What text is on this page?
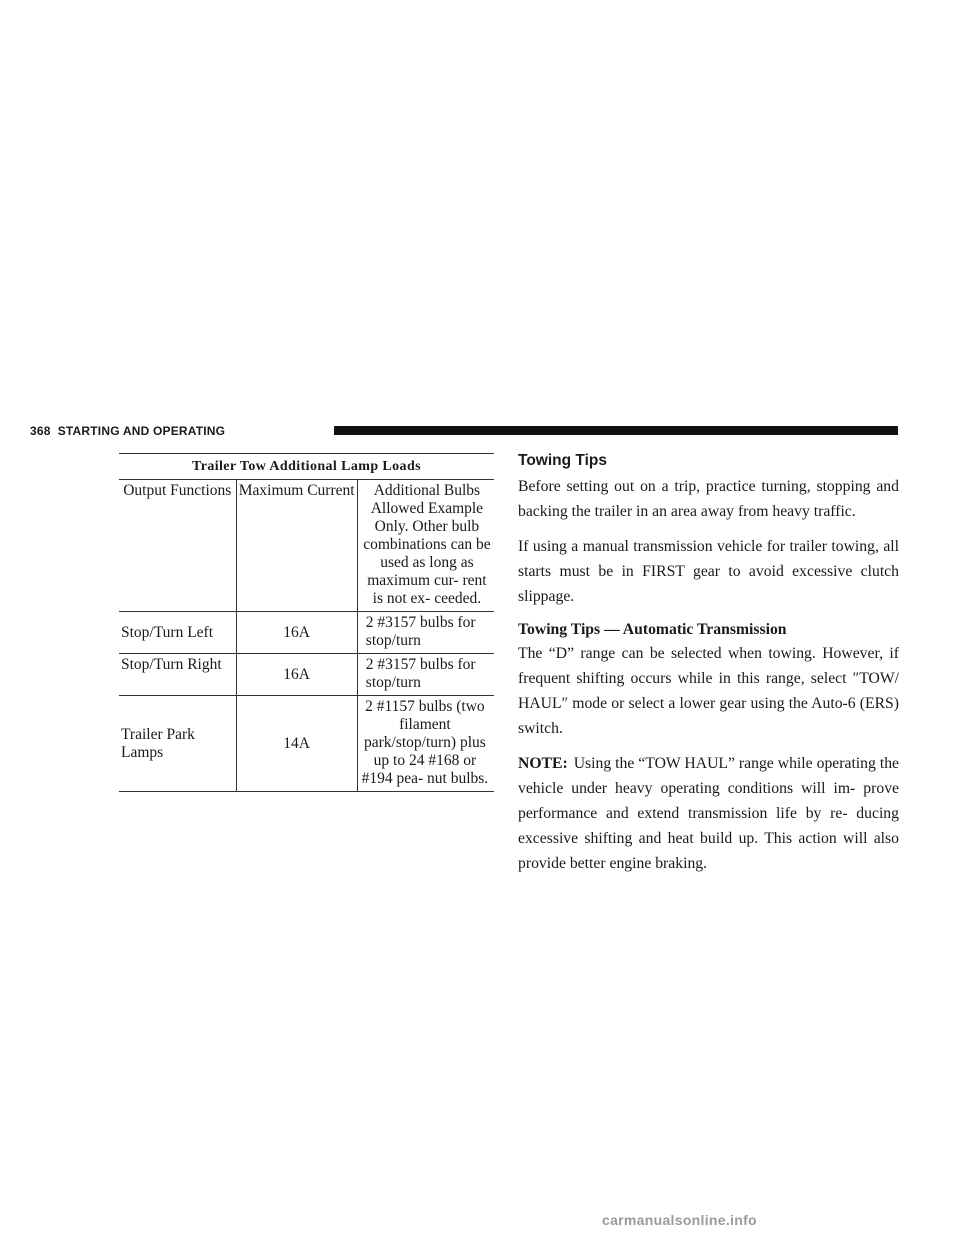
368 STARTING AND OPERATING
Trailer Tow Additional Lamp Loads		
Output Functions	Maximum Current	Additional Bulbs Allowed Example Only. Other bulb combinations can be used as long as maximum cur- rent is not ex- ceeded.
Stop/Turn Left	16A	2 #3157 bulbs for stop/turn
Stop/Turn Right	16A	2 #3157 bulbs for stop/turn
Trailer Park Lamps	14A	2 #1157 bulbs (two filament park/stop/turn) plus up to 24 #168 or #194 pea- nut bulbs.
Towing Tips

Before setting out on a trip, practice turning, stopping and backing the trailer in an area away from heavy traffic.

If using a manual transmission vehicle for trailer towing, all starts must be in FIRST gear to avoid excessive clutch slippage.

Towing Tips — Automatic Transmission

The “D” range can be selected when towing. However, if frequent shifting occurs while in this range, select ″TOW/ HAUL″ mode or select a lower gear using the Auto-6 (ERS) switch.

NOTE: Using the “TOW HAUL” range while operating the vehicle under heavy operating conditions will im- prove performance and extend transmission life by re- ducing excessive shifting and heat build up. This action will also provide better engine braking.

carmanualsonline.info
